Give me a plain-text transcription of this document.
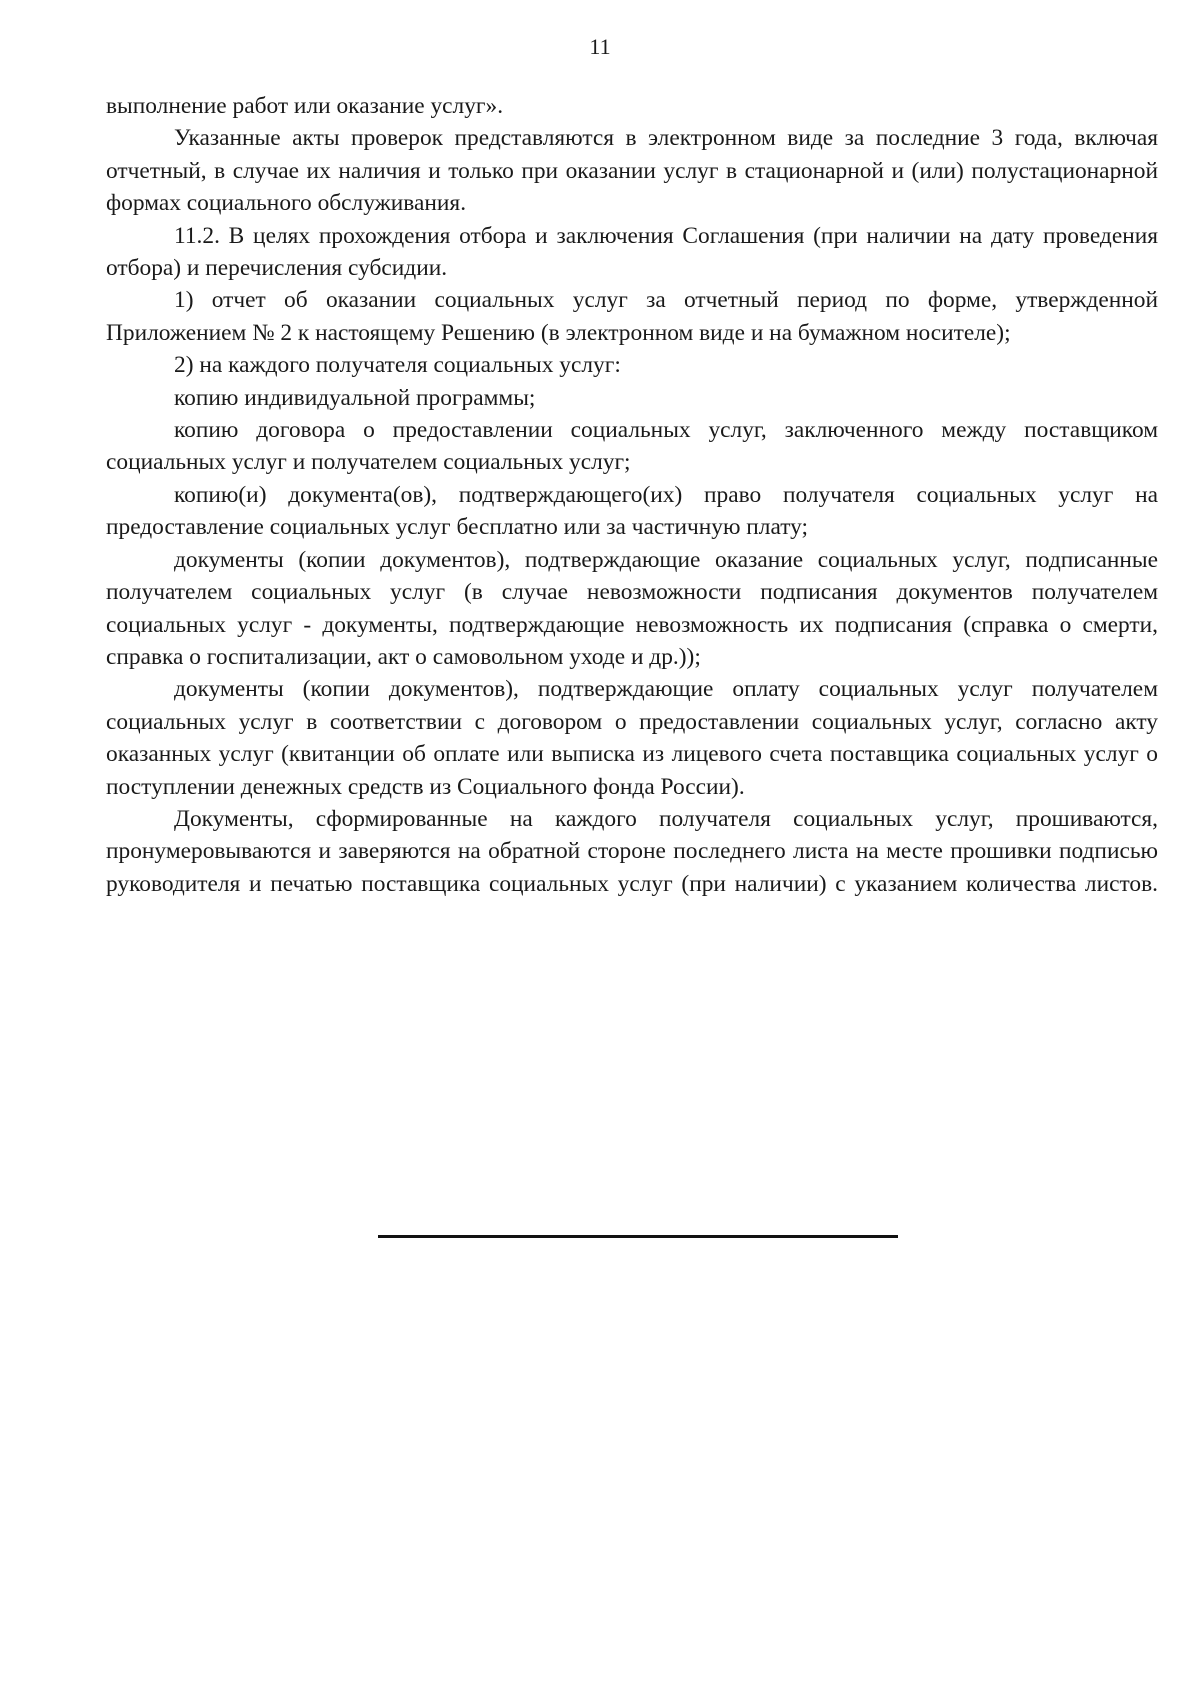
11

выполнение работ или оказание услуг».

Указанные акты проверок представляются в электронном виде за последние 3 года, включая отчетный, в случае их наличия и только при оказании услуг в стационарной и (или) полустационарной формах социального обслуживания.

11.2. В целях прохождения отбора и заключения Соглашения (при наличии на дату проведения отбора) и перечисления субсидии.

1) отчет об оказании социальных услуг за отчетный период по форме, утвержденной Приложением № 2 к настоящему Решению (в электронном виде и на бумажном носителе);

2) на каждого получателя социальных услуг:

копию индивидуальной программы;

копию договора о предоставлении социальных услуг, заключенного между поставщиком социальных услуг и получателем социальных услуг;

копию(и) документа(ов), подтверждающего(их) право получателя социальных услуг на предоставление социальных услуг бесплатно или за частичную плату;

документы (копии документов), подтверждающие оказание социальных услуг, подписанные получателем социальных услуг (в случае невозможности подписания документов получателем социальных услуг - документы, подтверждающие невозможность их подписания (справка о смерти, справка о госпитализации, акт о самовольном уходе и др.));

документы (копии документов), подтверждающие оплату социальных услуг получателем социальных услуг в соответствии с договором о предоставлении социальных услуг, согласно акту оказанных услуг (квитанции об оплате или выписка из лицевого счета поставщика социальных услуг о поступлении денежных средств из Социального фонда России).

Документы, сформированные на каждого получателя социальных услуг, прошиваются, пронумеровываются и заверяются на обратной стороне последнего листа на месте прошивки подписью руководителя и печатью поставщика социальных услуг (при наличии) с указанием количества листов.
